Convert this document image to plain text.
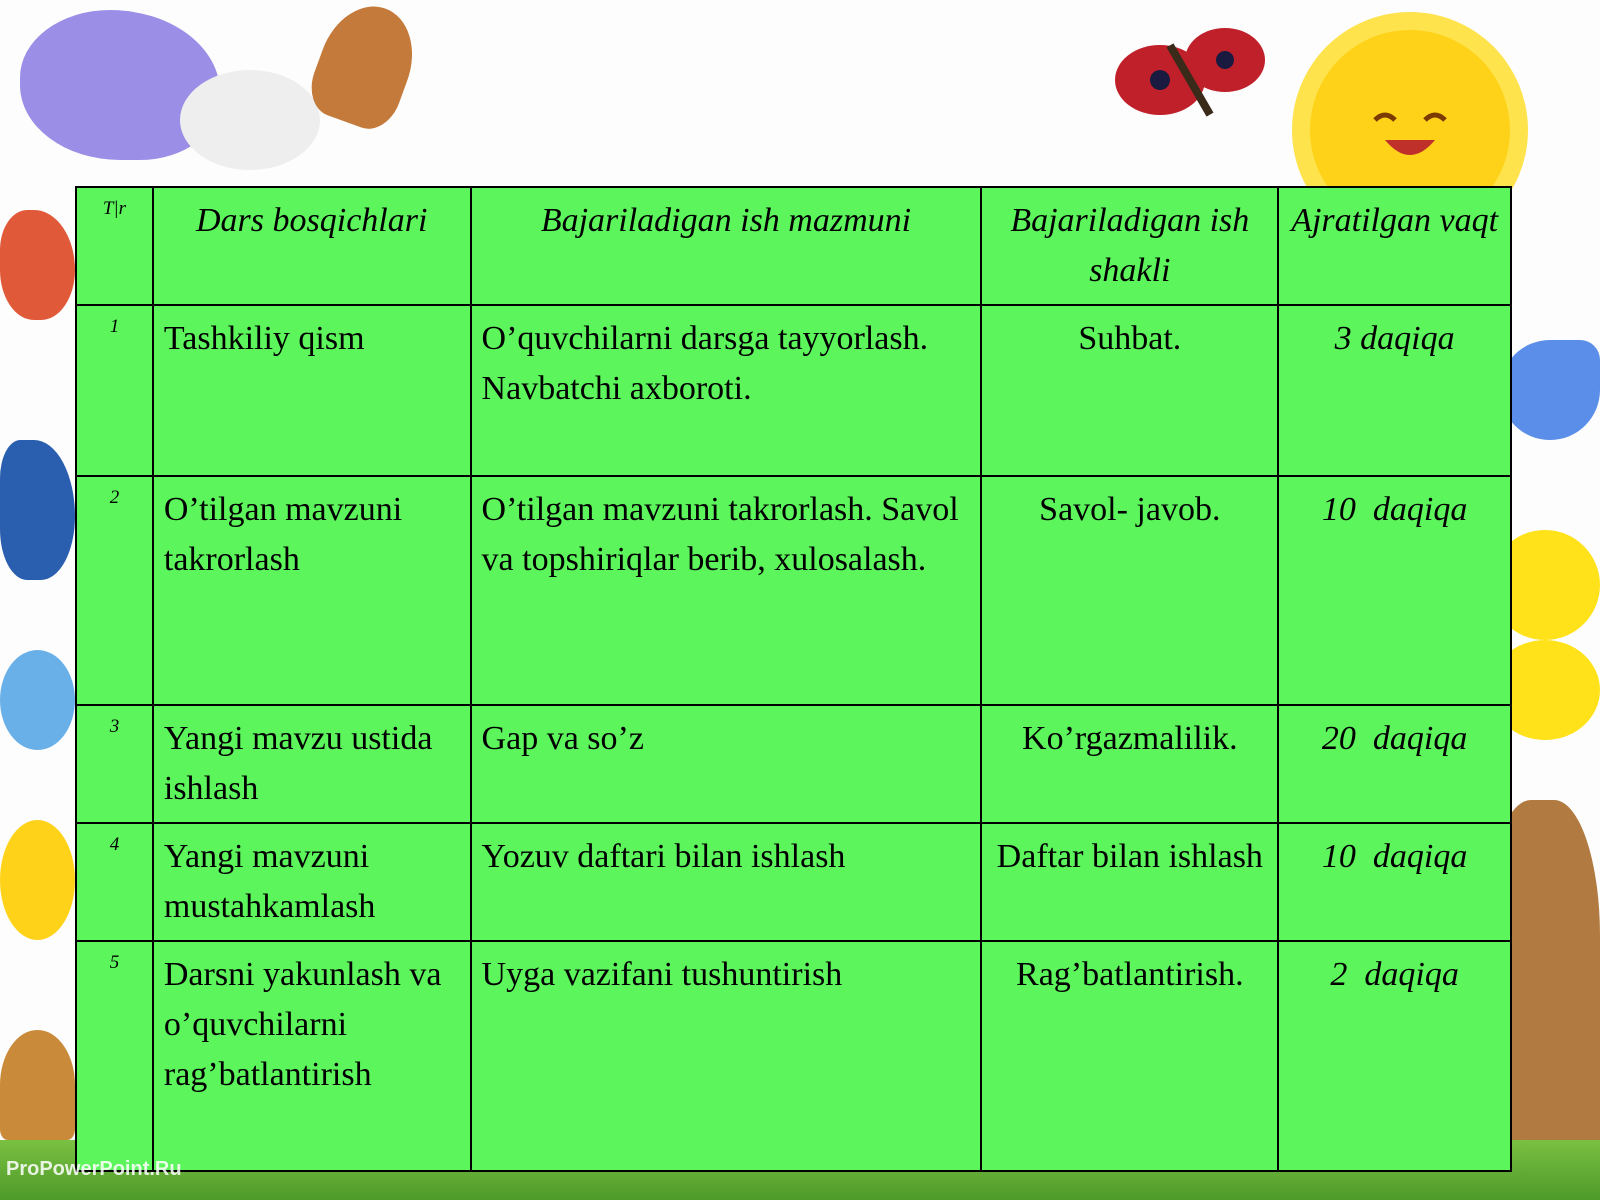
T|r	Dars bosqichlari	Bajariladigan ish mazmuni	Bajariladigan ish shakli	Ajratilgan vaqt
1	Tashkiliy qism	O’quvchilarni darsga tayyorlash. Navbatchi axboroti.	Suhbat.	3 daqiqa
2	O’tilgan mavzuni takrorlash	O’tilgan mavzuni takrorlash. Savol va topshiriqlar berib, xulosalash.	Savol- javob.	10  daqiqa
3	Yangi mavzu ustida ishlash	Gap va so’z	Ko’rgazmalilik.	20  daqiqa
4	Yangi mavzuni mustahkamlash	Yozuv daftari bilan ishlash	Daftar bilan ishlash	10  daqiqa
5	Darsni yakunlash va o’quvchilarni rag’batlantirish	Uyga vazifani tushuntirish	Rag’batlantirish.	2  daqiqa
ProPowerPoint.Ru
